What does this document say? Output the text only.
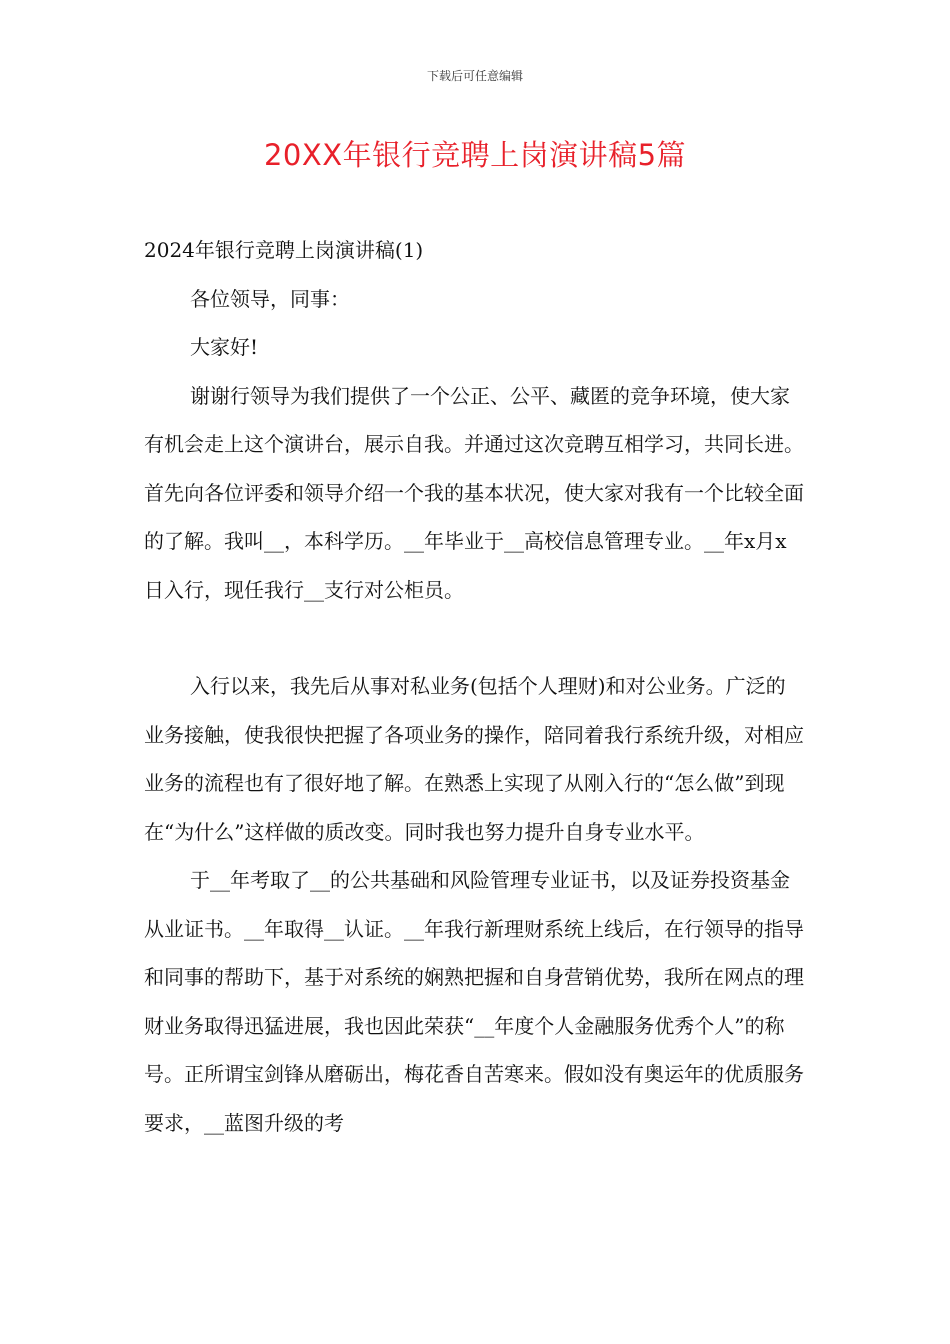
下载后可任意编辑
20XX年银行竞聘上岗演讲稿5篇

2024年银行竞聘上岗演讲稿(1)

各位领导，同事：

大家好!

谢谢行领导为我们提供了一个公正、公平、藏匿的竞争环境，使大家有机会走上这个演讲台，展示自我。并通过这次竞聘互相学习，共同长进。首先向各位评委和领导介绍一个我的基本状况，使大家对我有一个比较全面的了解。我叫__，本科学历。__年毕业于__高校信息管理专业。__年x月x日入行，现任我行__支行对公柜员。

入行以来，我先后从事对私业务(包括个人理财)和对公业务。广泛的业务接触，使我很快把握了各项业务的操作，陪同着我行系统升级，对相应业务的流程也有了很好地了解。在熟悉上实现了从刚入行的“怎么做”到现在“为什么”这样做的质改变。同时我也努力提升自身专业水平。

于__年考取了__的公共基础和风险管理专业证书，以及证券投资基金从业证书。__年取得__认证。__年我行新理财系统上线后，在行领导的指导和同事的帮助下，基于对系统的娴熟把握和自身营销优势，我所在网点的理财业务取得迅猛进展，我也因此荣获“__年度个人金融服务优秀个人”的称号。正所谓宝剑锋从磨砺出，梅花香自苦寒来。假如没有奥运年的优质服务要求，__蓝图升级的考
